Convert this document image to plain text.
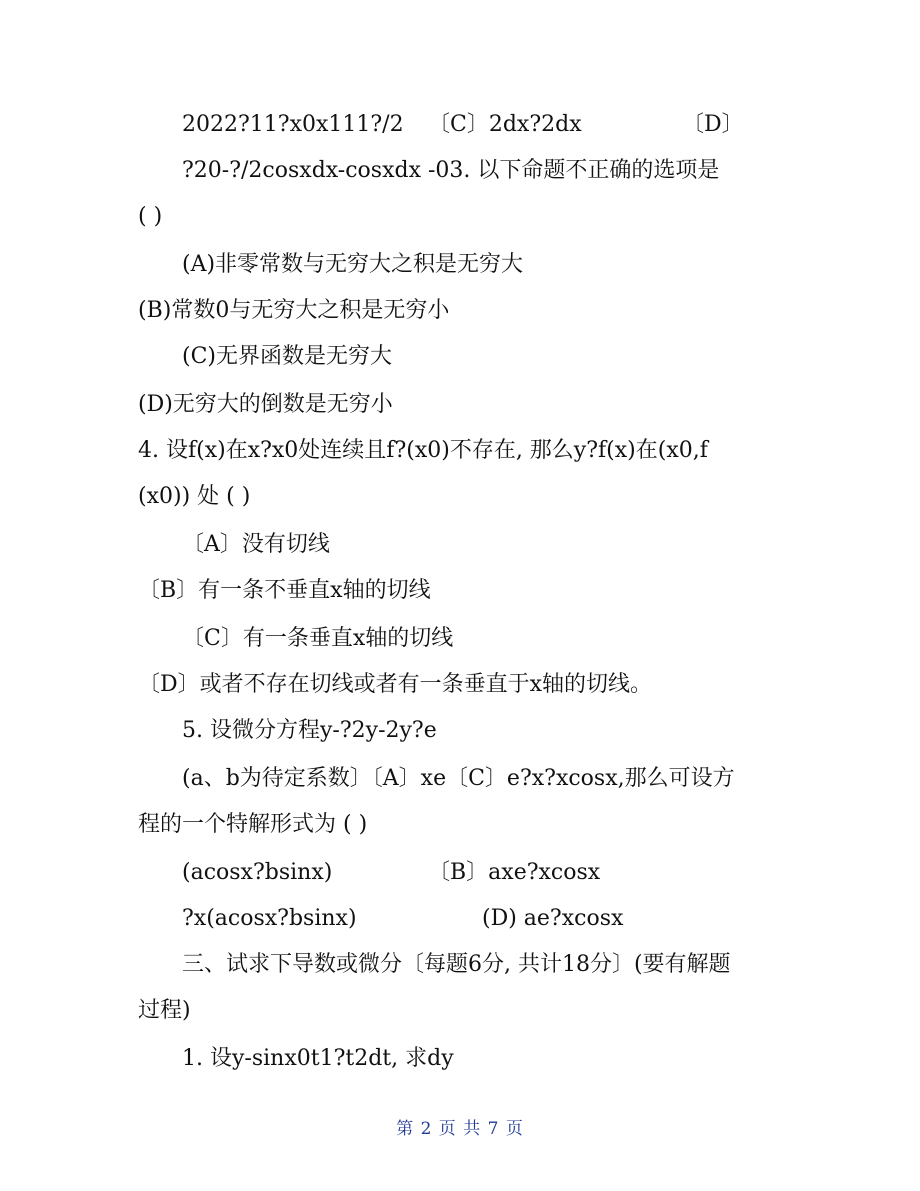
2022?11?x0x111?/2 〔C〕2dx?2dx	〔D〕
?20-?/2cosxdx-cosxdx -03. 以下命题不正确的选项是
( )
(A)非零常数与无穷大之积是无穷大
(B)常数0与无穷大之积是无穷小
(C)无界函数是无穷大
(D)无穷大的倒数是无穷小
4. 设f(x)在x?x0处连续且f?(x0)不存在, 那么y?f(x)在(x0,f
(x0)) 处 ( )
〔A〕没有切线
〔B〕有一条不垂直x轴的切线
〔C〕有一条垂直x轴的切线
〔D〕或者不存在切线或者有一条垂直于x轴的切线。
5. 设微分方程y-?2y-2y?e
(a、b为待定系数〕〔A〕xe〔C〕e?x?xcosx,那么可设方
程的一个特解形式为 ( )
(acosx?bsinx)	〔B〕axe?xcosx
?x(acosx?bsinx)	(D) ae?xcosx
三、试求下导数或微分〔每题6分, 共计18分〕(要有解题
过程)
1. 设y-sinx0t1?t2dt, 求dy
第 2 页 共 7 页
